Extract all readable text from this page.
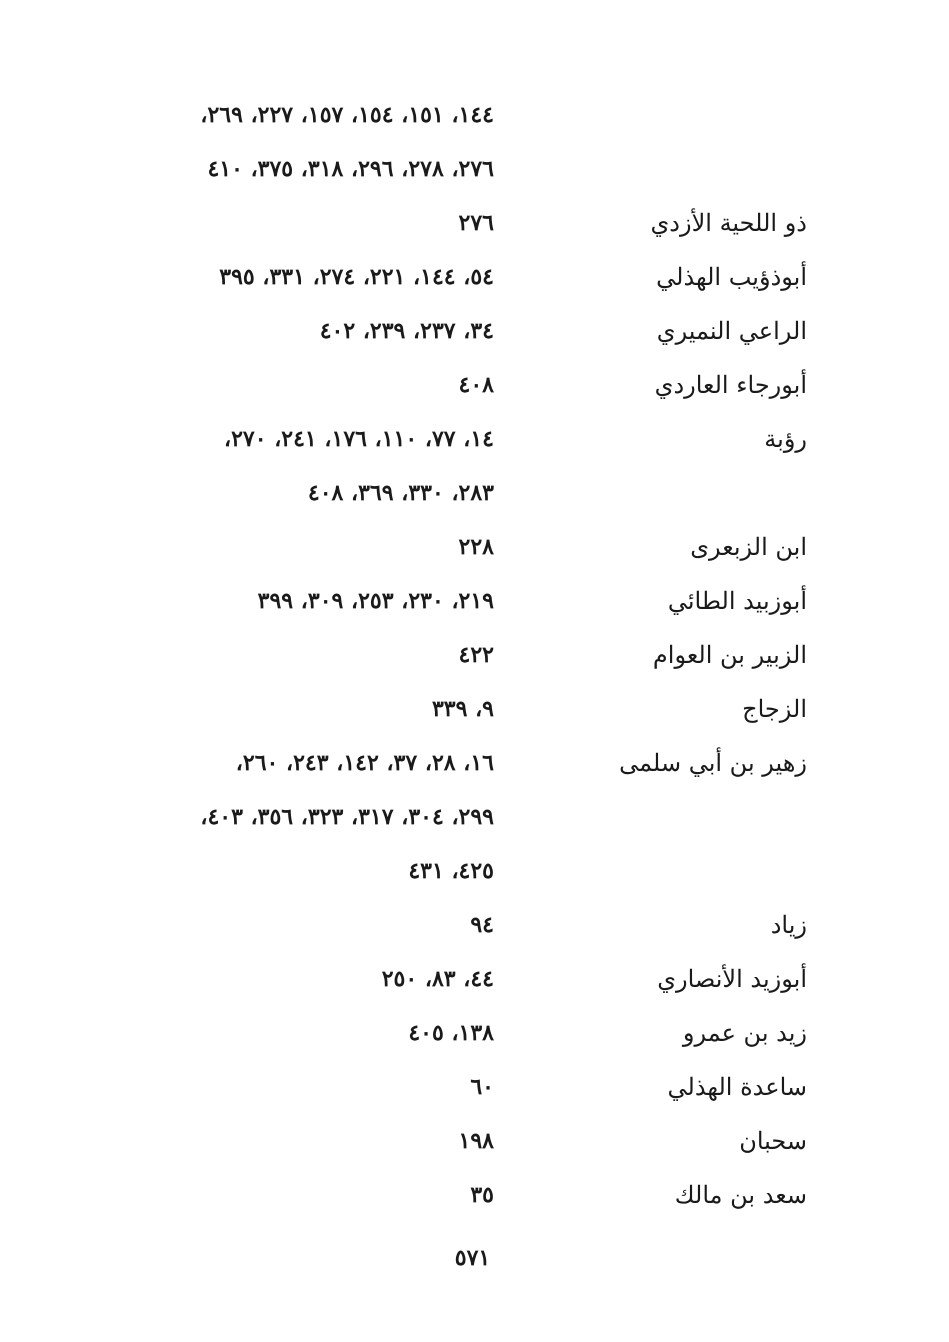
١٤٤، ١٥١، ١٥٤، ١٥٧، ٢٢٧، ٢٦٩،
٢٧٦، ٢٧٨، ٢٩٦، ٣١٨، ٣٧٥، ٤١٠
ذو اللحية الأزدي
٢٧٦
أبوذؤيب الهذلي
٥٤، ١٤٤، ٢٢١، ٢٧٤، ٣٣١، ٣٩٥
الراعي النميري
٣٤، ٢٣٧، ٢٣٩، ٤٠٢
أبورجاء العاردي
٤٠٨
رؤبة
١٤، ٧٧، ١١٠، ١٧٦، ٢٤١، ٢٧٠،
٢٨٣، ٣٣٠، ٣٦٩، ٤٠٨
ابن الزبعرى
٢٢٨
أبوزبيد الطائي
٢١٩، ٢٣٠، ٢٥٣، ٣٠٩، ٣٩٩
الزبير بن العوام
٤٢٢
الزجاج
٩، ٣٣٩
زهير بن أبي سلمى
١٦، ٢٨، ٣٧، ١٤٢، ٢٤٣، ٢٦٠،
٢٩٩، ٣٠٤، ٣١٧، ٣٢٣، ٣٥٦، ٤٠٣،
٤٢٥، ٤٣١
زياد
٩٤
أبوزيد الأنصاري
٤٤، ٨٣، ٢٥٠
زيد بن عمرو
١٣٨، ٤٠٥
ساعدة الهذلي
٦٠
سحبان
١٩٨
سعد بن مالك
٣٥
٥٧١
